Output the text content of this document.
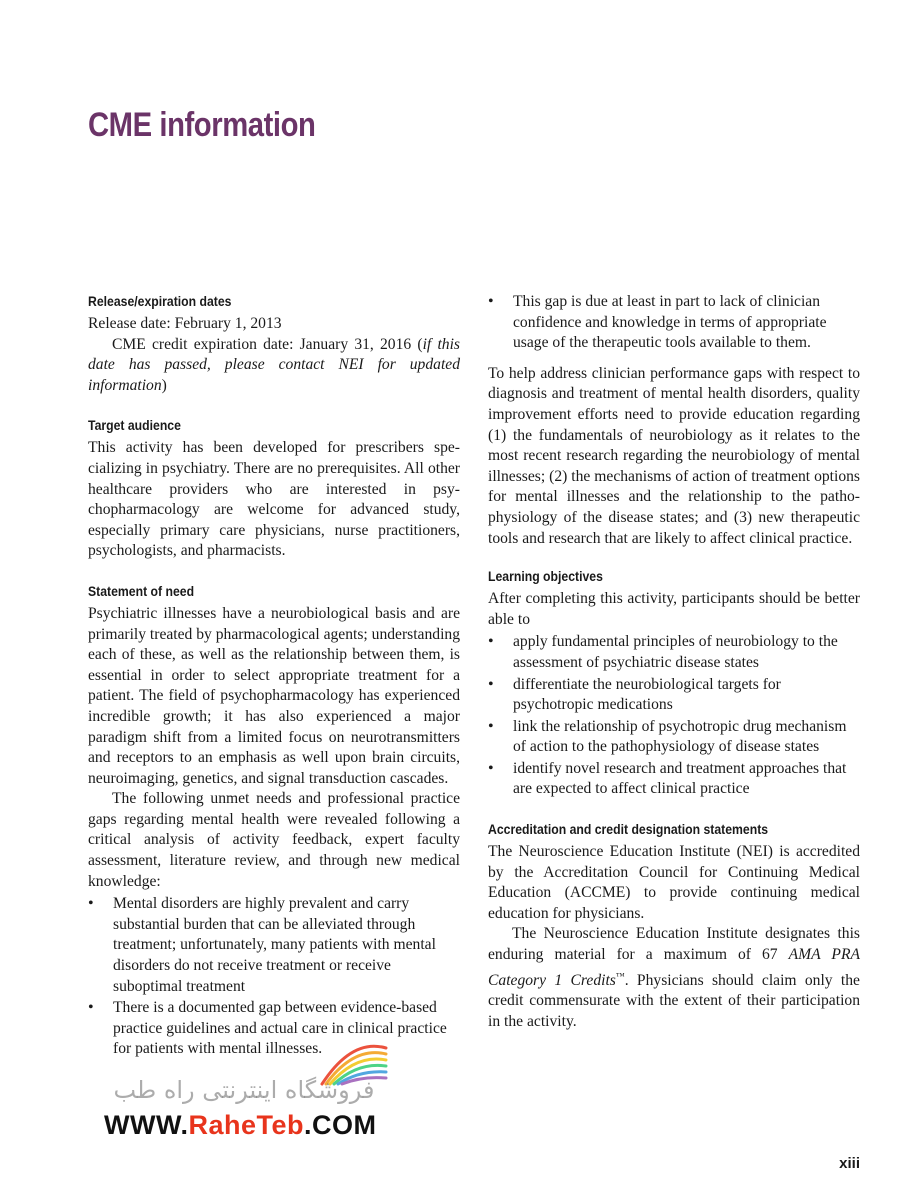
CME information
Release/expiration dates

Release date: February 1, 2013

CME credit expiration date: January 31, 2016 (if this date has passed, please contact NEI for updated information)

Target audience

This activity has been developed for prescribers specializing in psychiatry. There are no prerequisites. All other healthcare providers who are interested in psychopharmacology are welcome for advanced study, especially primary care physicians, nurse practitioners, psychologists, and pharmacists.

Statement of need

Psychiatric illnesses have a neurobiological basis and are primarily treated by pharmacological agents; understanding each of these, as well as the relationship between them, is essential in order to select appropriate treatment for a patient. The field of psychopharmacology has experienced incredible growth; it has also experienced a major paradigm shift from a limited focus on neurotransmitters and receptors to an emphasis as well upon brain circuits, neuroimaging, genetics, and signal transduction cascades.

The following unmet needs and professional practice gaps regarding mental health were revealed following a critical analysis of activity feedback, expert faculty assessment, literature review, and through new medical knowledge:

• Mental disorders are highly prevalent and carry substantial burden that can be alleviated through treatment; unfortunately, many patients with mental disorders do not receive treatment or receive suboptimal treatment
• There is a documented gap between evidence-based practice guidelines and actual care in clinical practice for patients with mental illnesses.
• This gap is due at least in part to lack of clinician confidence and knowledge in terms of appropriate usage of the therapeutic tools available to them.

To help address clinician performance gaps with respect to diagnosis and treatment of mental health disorders, quality improvement efforts need to provide education regarding (1) the fundamentals of neurobiology as it relates to the most recent research regarding the neurobiology of mental illnesses; (2) the mechanisms of action of treatment options for mental illnesses and the relationship to the pathophysiology of the disease states; and (3) new therapeutic tools and research that are likely to affect clinical practice.

Learning objectives

After completing this activity, participants should be better able to

• apply fundamental principles of neurobiology to the assessment of psychiatric disease states
• differentiate the neurobiological targets for psychotropic medications
• link the relationship of psychotropic drug mechanism of action to the pathophysiology of disease states
• identify novel research and treatment approaches that are expected to affect clinical practice
Accreditation and credit designation statements

The Neuroscience Education Institute (NEI) is accredited by the Accreditation Council for Continuing Medical Education (ACCME) to provide continuing medical education for physicians.

The Neuroscience Education Institute designates this enduring material for a maximum of 67 AMA PRA Category 1 Credits™. Physicians should claim only the credit commensurate with the extent of their participation in the activity.

فروشگاه اینترنتی راه طب
WWW.RaheTeb.COM
xiii
